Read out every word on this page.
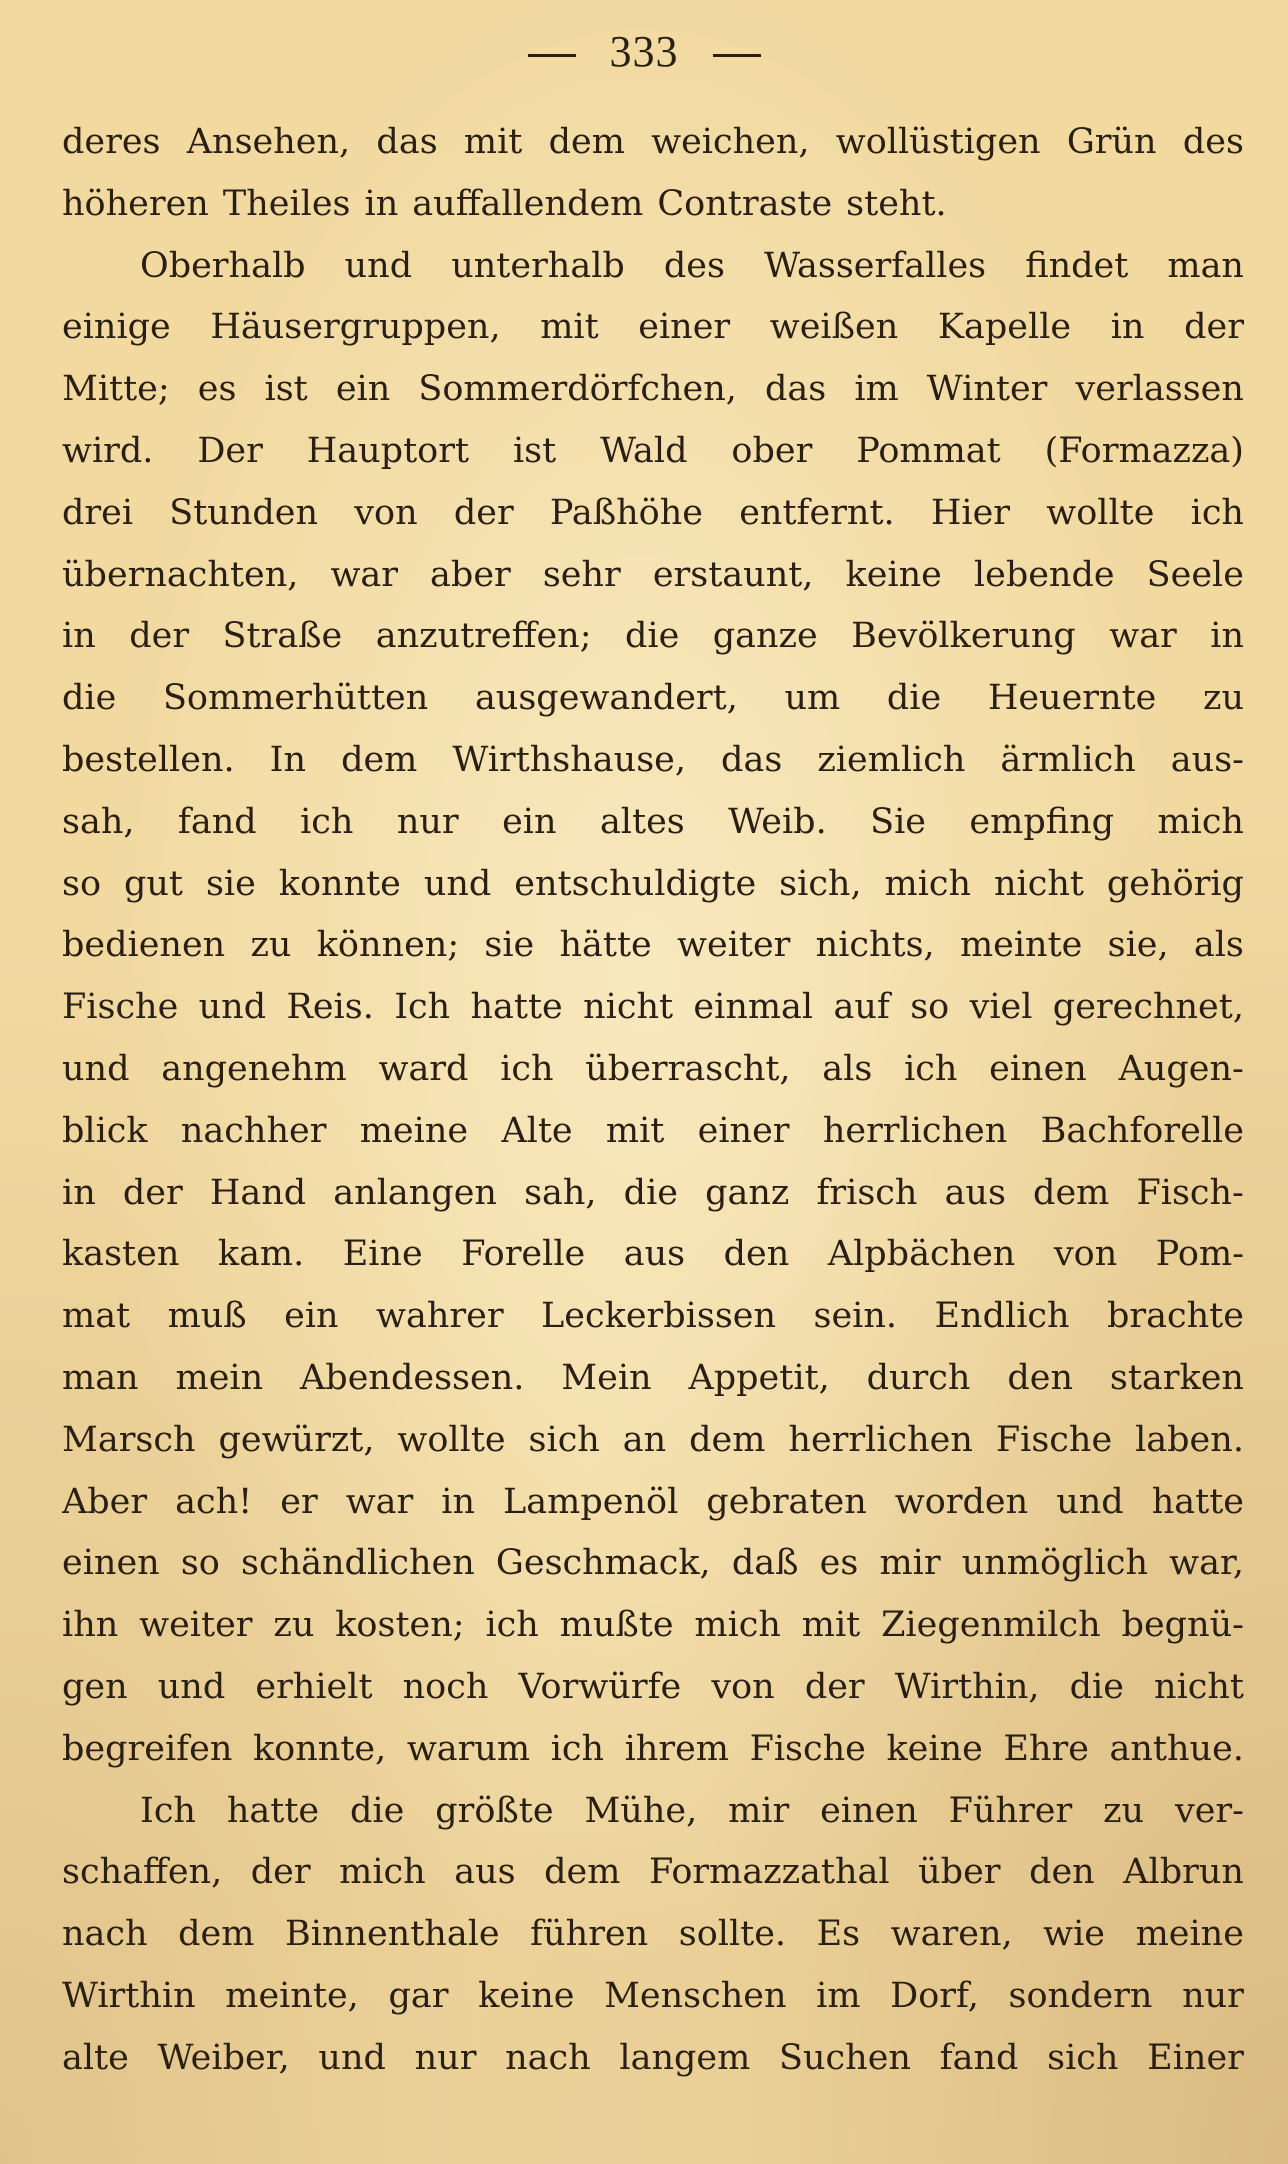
333
deres Ansehen, das mit dem weichen, wollüstigen Grün des
höheren Theiles in auffallendem Contraste steht.
Oberhalb und unterhalb des Wasserfalles findet man
einige Häusergruppen, mit einer weißen Kapelle in der
Mitte; es ist ein Sommerdörfchen, das im Winter verlassen
wird. Der Hauptort ist Wald ober Pommat (Formazza)
drei Stunden von der Paßhöhe entfernt. Hier wollte ich
übernachten, war aber sehr erstaunt, keine lebende Seele
in der Straße anzutreffen; die ganze Bevölkerung war in
die Sommerhütten ausgewandert, um die Heuernte zu
bestellen. In dem Wirthshause, das ziemlich ärmlich aus-
sah, fand ich nur ein altes Weib. Sie empfing mich
so gut sie konnte und entschuldigte sich, mich nicht gehörig
bedienen zu können; sie hätte weiter nichts, meinte sie, als
Fische und Reis. Ich hatte nicht einmal auf so viel gerechnet,
und angenehm ward ich überrascht, als ich einen Augen-
blick nachher meine Alte mit einer herrlichen Bachforelle
in der Hand anlangen sah, die ganz frisch aus dem Fisch-
kasten kam. Eine Forelle aus den Alpbächen von Pom-
mat muß ein wahrer Leckerbissen sein. Endlich brachte
man mein Abendessen. Mein Appetit, durch den starken
Marsch gewürzt, wollte sich an dem herrlichen Fische laben.
Aber ach! er war in Lampenöl gebraten worden und hatte
einen so schändlichen Geschmack, daß es mir unmöglich war,
ihn weiter zu kosten; ich mußte mich mit Ziegenmilch begnü-
gen und erhielt noch Vorwürfe von der Wirthin, die nicht
begreifen konnte, warum ich ihrem Fische keine Ehre anthue.
Ich hatte die größte Mühe, mir einen Führer zu ver-
schaffen, der mich aus dem Formazzathal über den Albrun
nach dem Binnenthale führen sollte. Es waren, wie meine
Wirthin meinte, gar keine Menschen im Dorf, sondern nur
alte Weiber, und nur nach langem Suchen fand sich Einer
